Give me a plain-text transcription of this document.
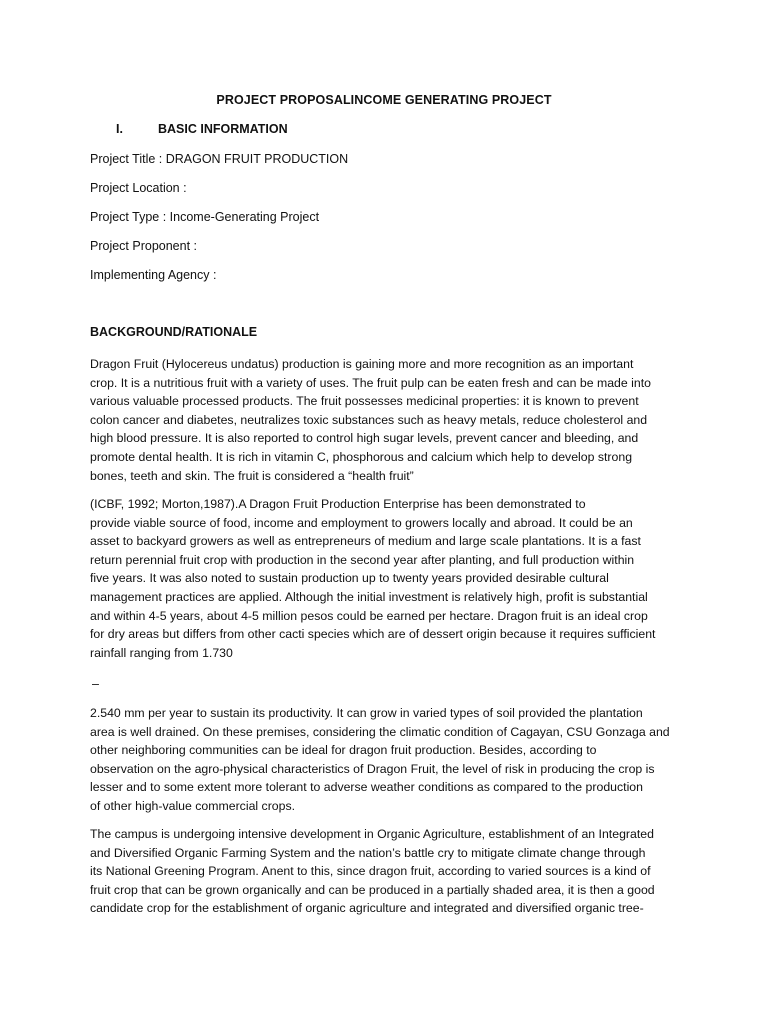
PROJECT PROPOSALINCOME GENERATING PROJECT
I.	BASIC INFORMATION
Project Title : DRAGON FRUIT PRODUCTION
Project Location :
Project Type : Income-Generating Project
Project Proponent :
Implementing Agency :
BACKGROUND/RATIONALE
Dragon Fruit (Hylocereus undatus) production is gaining more and more recognition as an important
crop. It is a nutritious fruit with a variety of uses. The fruit pulp can be eaten fresh and can be made into
various valuable processed products. The fruit possesses medicinal properties: it is known to prevent
colon cancer and diabetes, neutralizes toxic substances such as heavy metals, reduce cholesterol and
high blood pressure. It is also reported to control high sugar levels, prevent cancer and bleeding, and
promote dental health. It is rich in vitamin C, phosphorous and calcium which help to develop strong
bones, teeth and skin. The fruit is considered a “health fruit”
(ICBF, 1992; Morton,1987).A Dragon Fruit Production Enterprise has been demonstrated to
provide viable source of food, income and employment to growers locally and abroad. It could be an
asset to backyard growers as well as entrepreneurs of medium and large scale plantations. It is a fast
return perennial fruit crop with production in the second year after planting, and full production within
five years. It was also noted to sustain production up to twenty years provided desirable cultural
management practices are applied. Although the initial investment is relatively high, profit is substantial
and within 4-5 years, about 4-5 million pesos could be earned per hectare. Dragon fruit is an ideal crop
for dry areas but differs from other cacti species which are of dessert origin because it requires sufficient
rainfall ranging from 1.730
–
2.540 mm per year to sustain its productivity. It can grow in varied types of soil provided the plantation
area is well drained. On these premises, considering the climatic condition of Cagayan, CSU Gonzaga and
other neighboring communities can be ideal for dragon fruit production. Besides, according to
observation on the agro-physical characteristics of Dragon Fruit, the level of risk in producing the crop is
lesser and to some extent more tolerant to adverse weather conditions as compared to the production
of other high-value commercial crops.
The campus is undergoing intensive development in Organic Agriculture, establishment of an Integrated
and Diversified Organic Farming System and the nation’s battle cry to mitigate climate change through
its National Greening Program. Anent to this, since dragon fruit, according to varied sources is a kind of
fruit crop that can be grown organically and can be produced in a partially shaded area, it is then a good
candidate crop for the establishment of organic agriculture and integrated and diversified organic tree-
